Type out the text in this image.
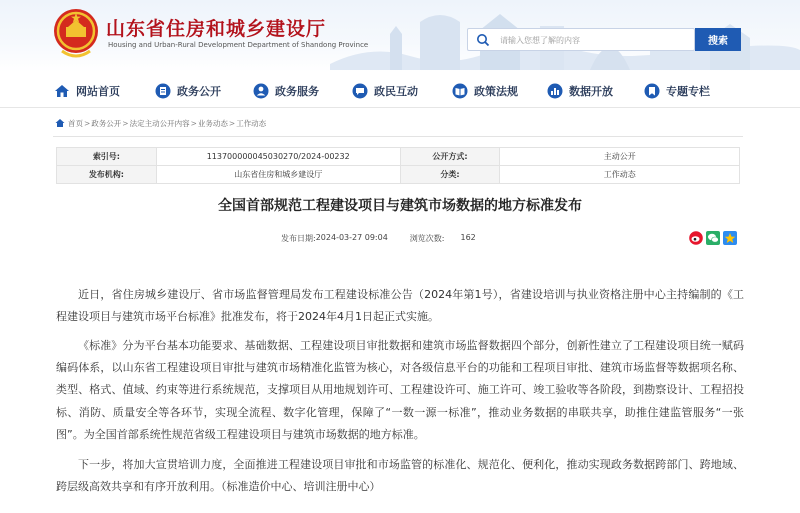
山东省住房和城乡建设厅
Housing and Urban-Rural Development Department of Shandong Province
请输入您想了解的内容	搜索
网站首页	政务公开	政务服务	政民互动	政策法规	数据开放	专题专栏
首页 > 政务公开 > 法定主动公开内容 > 业务动态 > 工作动态
索引号:	11370000004503027​0/2024-00232	公开方式:	主动公开
发布机构:	山东省住房和城乡建设厅	分类:	工作动态
全国首部规范工程建设项目与建筑市场数据的地方标准发布
发布日期: 2024-03-27 09:04	浏览次数: 162

近日，省住房城乡建设厅、省市场监督管理局发布工程建设标准公告（2024年第1号），省建设培训与执业资格注册中心主持编制的《工程建设项目与建筑市场平台标准》批准发布，将于2024年4月1日起正式实施。

《标准》分为平台基本功能要求、基础数据、工程建设项目审批数据和建筑市场监督数据四个部分，创新性建立了工程建设项目统一赋码编码体系，以山东省工程建设项目审批与建筑市场精准化监管为核心，对各级信息平台的功能和工程项目审批、建筑市场监督等数据项名称、类型、格式、值域、约束等进行系统规范，支撑项目从用地规划许可、工程建设许可、施工许可、竣工验收等各阶段，到勘察设计、工程招投标、消防、质量安全等各环节，实现全流程、数字化管理，保障了“一数一源一标准”，推动业务数据的串联共享，助推住建监管服务“一张图”。为全国首部系统性规范省级工程建设项目与建筑市场数据的地方标准。

下一步，将加大宣贯培训力度，全面推进工程建设项目审批和市场监管的标准化、规范化、便利化，推动实现政务数据跨部门、跨地域、跨层级高效共享和有序开放利用。（标准造价中心、培训注册中心）
